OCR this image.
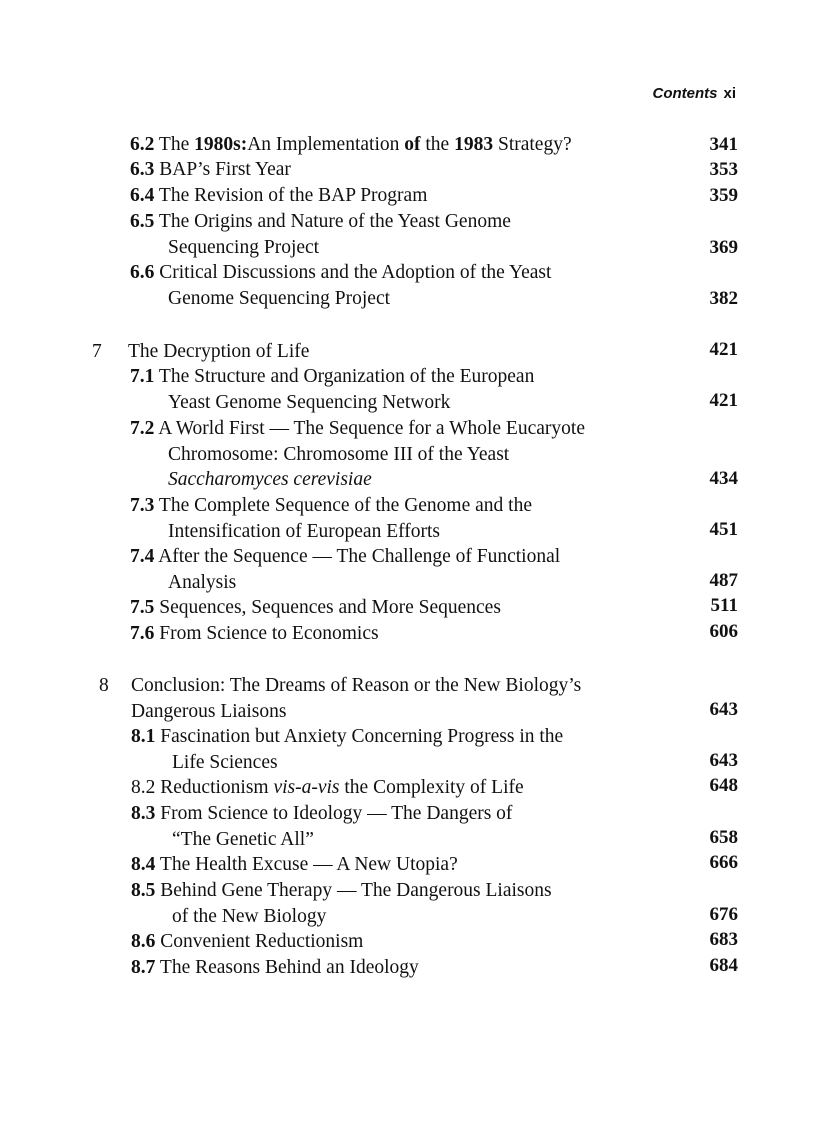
Contents xi
6.2 The 1980s:An Implementation of the 1983 Strategy?	341
6.3 BAP’s First Year	353
6.4 The Revision of the BAP Program	359
6.5 The Origins and Nature of the Yeast Genome
Sequencing Project	369
6.6 Critical Discussions and the Adoption of the Yeast
Genome Sequencing Project	382
7 The Decryption of Life	421
7.1 The Structure and Organization of the European
Yeast Genome Sequencing Network	421
7.2 A World First — The Sequence for a Whole Eucaryote
Chromosome: Chromosome III of the Yeast
Saccharomyces cerevisiae	434
7.3 The Complete Sequence of the Genome and the
Intensification of European Efforts	451
7.4 After the Sequence — The Challenge of Functional
Analysis	487
7.5 Sequences, Sequences and More Sequences	511
7.6 From Science to Economics	606
8 Conclusion: The Dreams of Reason or the New Biology’s
Dangerous Liaisons	643
8.1 Fascination but Anxiety Concerning Progress in the
Life Sciences	643
8.2 Reductionism vis-a-vis the Complexity of Life	648
8.3 From Science to Ideology — The Dangers of
“The Genetic All”	658
8.4 The Health Excuse — A New Utopia?	666
8.5 Behind Gene Therapy — The Dangerous Liaisons
of the New Biology	676
8.6 Convenient Reductionism	683
8.7 The Reasons Behind an Ideology	684
